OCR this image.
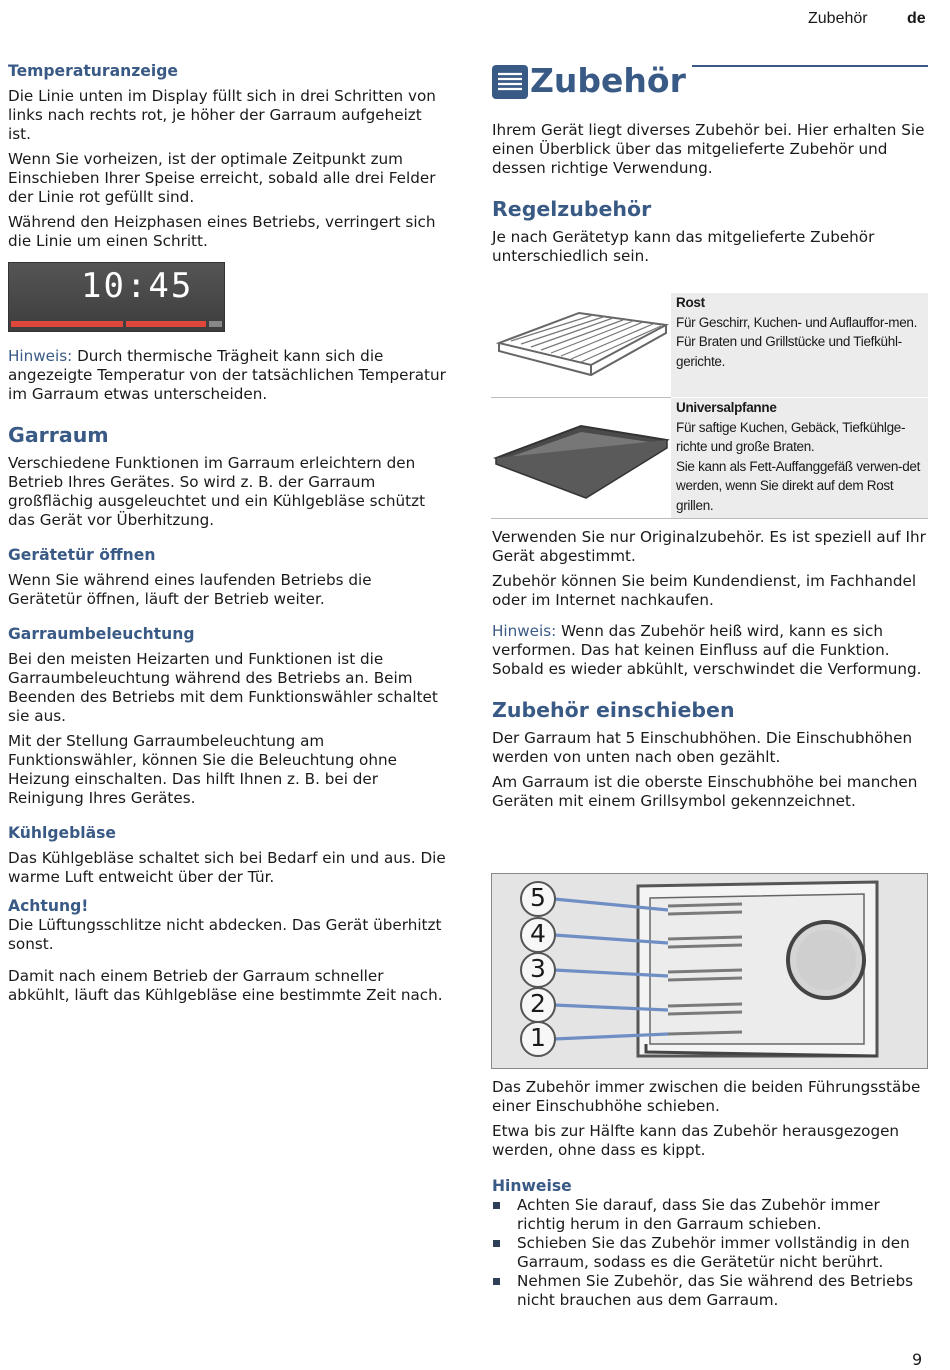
Zubehör de
Temperaturanzeige

Die Linie unten im Display füllt sich in drei Schritten von links nach rechts rot, je höher der Garraum aufgeheizt ist.

Wenn Sie vorheizen, ist der optimale Zeitpunkt zum Einschieben Ihrer Speise erreicht, sobald alle drei Felder der Linie rot gefüllt sind.

Während den Heizphasen eines Betriebs, verringert sich die Linie um einen Schritt.

10:45

Hinweis: Durch thermische Trägheit kann sich die angezeigte Temperatur von der tatsächlichen Temperatur im Garraum etwas unterscheiden.

Garraum

Verschiedene Funktionen im Garraum erleichtern den Betrieb Ihres Gerätes. So wird z. B. der Garraum großflächig ausgeleuchtet und ein Kühlgebläse schützt das Gerät vor Überhitzung.

Gerätetür öffnen

Wenn Sie während eines laufenden Betriebs die Gerätetür öffnen, läuft der Betrieb weiter.

Garraumbeleuchtung

Bei den meisten Heizarten und Funktionen ist die Garraumbeleuchtung während des Betriebs an. Beim Beenden des Betriebs mit dem Funktionswähler schaltet sie aus.

Mit der Stellung Garraumbeleuchtung am Funktionswähler, können Sie die Beleuchtung ohne Heizung einschalten. Das hilft Ihnen z. B. bei der Reinigung Ihres Gerätes.

Kühlgebläse

Das Kühlgebläse schaltet sich bei Bedarf ein und aus. Die warme Luft entweicht über der Tür.

Achtung!

Die Lüftungsschlitze nicht abdecken. Das Gerät überhitzt sonst.

Damit nach einem Betrieb der Garraum schneller abkühlt, läuft das Kühlgebläse eine bestimmte Zeit nach.

Zubehör

Ihrem Gerät liegt diverses Zubehör bei. Hier erhalten Sie einen Überblick über das mitgelieferte Zubehör und dessen richtige Verwendung.

Regelzubehör

Je nach Gerätetyp kann das mitgelieferte Zubehör unterschiedlich sein.

Rost
Für Geschirr, Kuchen- und Auflauffor-men.
Für Braten und Grillstücke und Tiefkühl-gerichte.
Universalpfanne
Für saftige Kuchen, Gebäck, Tiefkühlge-richte und große Braten.
Sie kann als Fett-Auffanggefäß verwen-det werden, wenn Sie direkt auf dem Rost grillen.

Verwenden Sie nur Originalzubehör. Es ist speziell auf Ihr Gerät abgestimmt.

Zubehör können Sie beim Kundendienst, im Fachhandel oder im Internet nachkaufen.

Hinweis: Wenn das Zubehör heiß wird, kann es sich verformen. Das hat keinen Einfluss auf die Funktion. Sobald es wieder abkühlt, verschwindet die Verformung.

Zubehör einschieben

Der Garraum hat 5 Einschubhöhen. Die Einschubhöhen werden von unten nach oben gezählt.

Am Garraum ist die oberste Einschubhöhe bei manchen Geräten mit einem Grillsymbol gekennzeichnet.

5
4
3
2
1

Das Zubehör immer zwischen die beiden Führungsstäbe einer Einschubhöhe schieben.

Etwa bis zur Hälfte kann das Zubehör herausgezogen werden, ohne dass es kippt.

Hinweise
Achten Sie darauf, dass Sie das Zubehör immer richtig herum in den Garraum schieben.
Schieben Sie das Zubehör immer vollständig in den Garraum, sodass es die Gerätetür nicht berührt.
Nehmen Sie Zubehör, das Sie während des Betriebs nicht brauchen aus dem Garraum.
9
